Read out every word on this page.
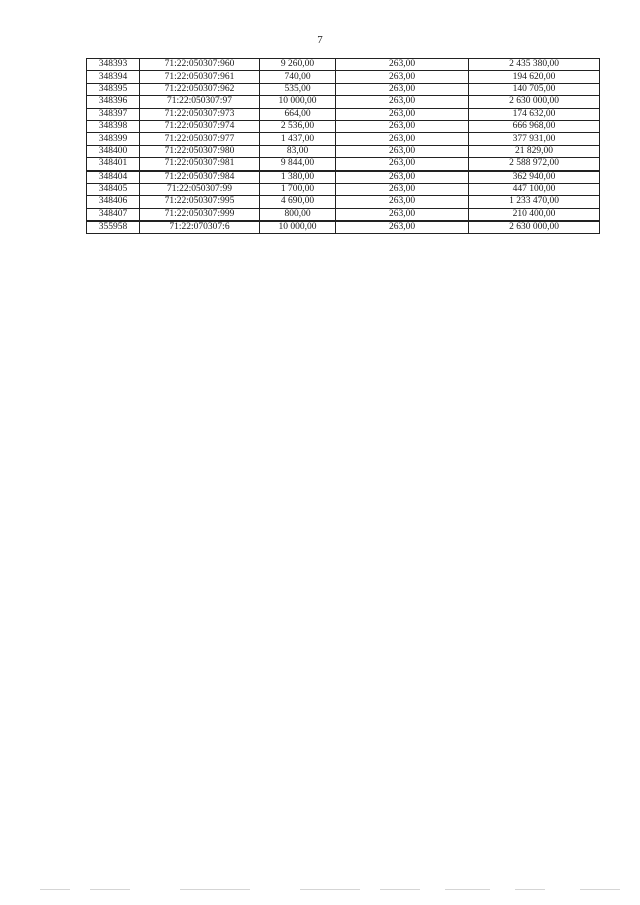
7
348393	71:22:050307:960	9 260,00	263,00	2 435 380,00
348394	71:22:050307:961	740,00	263,00	194 620,00
348395	71:22:050307:962	535,00	263,00	140 705,00
348396	71:22:050307:97	10 000,00	263,00	2 630 000,00
348397	71:22:050307:973	664,00	263,00	174 632,00
348398	71:22:050307:974	2 536,00	263,00	666 968,00
348399	71:22:050307:977	1 437,00	263,00	377 931,00
348400	71:22:050307:980	83,00	263,00	21 829,00
348401	71:22:050307:981	9 844,00	263,00	2 588 972,00
348404	71:22:050307:984	1 380,00	263,00	362 940,00
348405	71:22:050307:99	1 700,00	263,00	447 100,00
348406	71:22:050307:995	4 690,00	263,00	1 233 470,00
348407	71:22:050307:999	800,00	263,00	210 400,00
355958	71:22:070307:6	10 000,00	263,00	2 630 000,00
